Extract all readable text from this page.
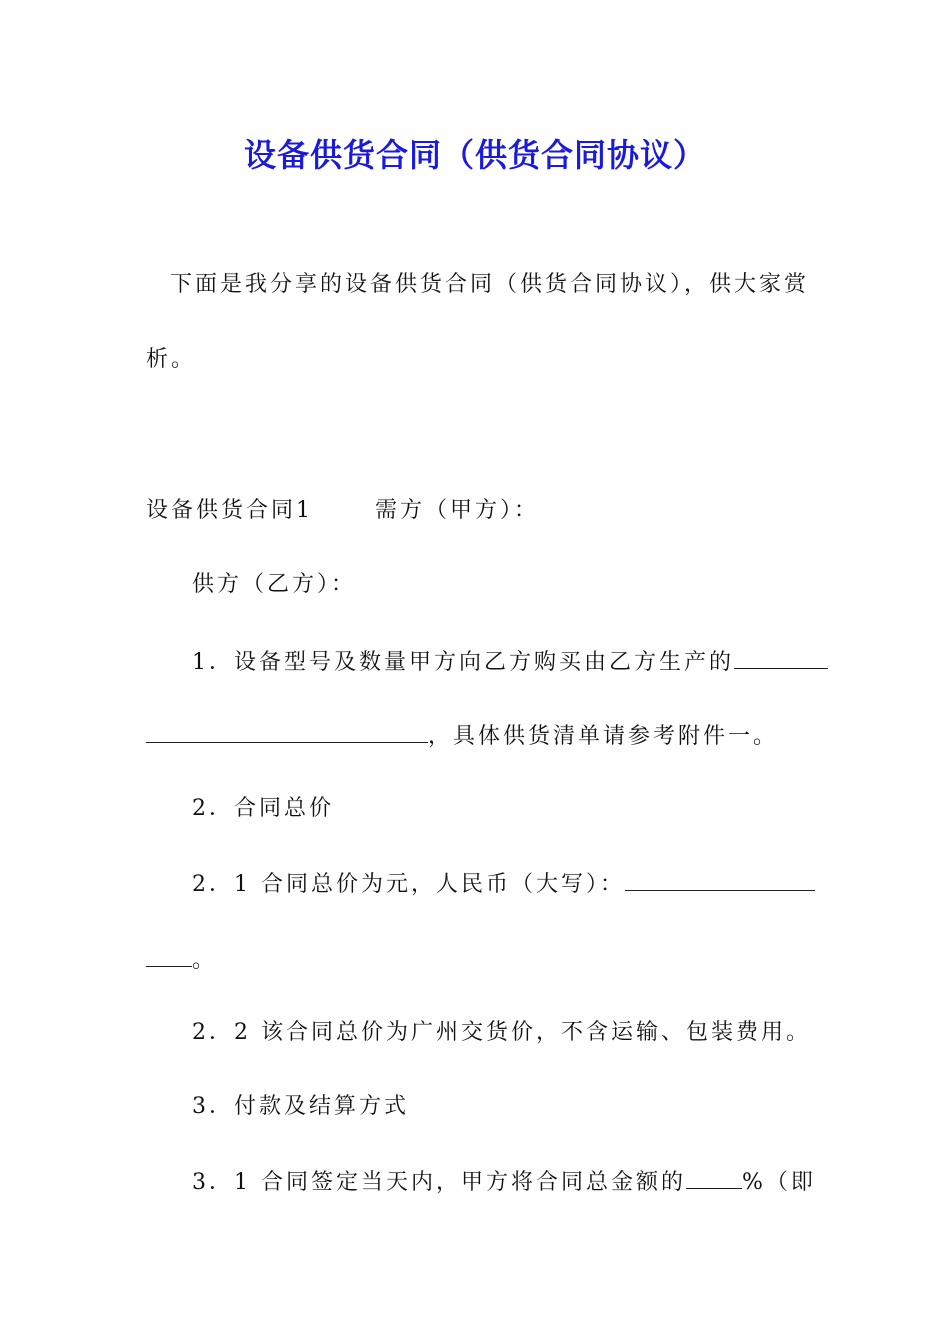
设备供货合同（供货合同协议）
下面是我分享的设备供货合同（供货合同协议），供大家赏
析。
设备供货合同1	需方（甲方）：
供方（乙方）：
1．设备型号及数量甲方向乙方购买由乙方生产的
，具体供货清单请参考附件一。
2．合同总价
2．1 合同总价为元，人民币（大写）：
。
2．2 该合同总价为广州交货价，不含运输、包装费用。
3．付款及结算方式
3．1 合同签定当天内，甲方将合同总金额的	%（即
